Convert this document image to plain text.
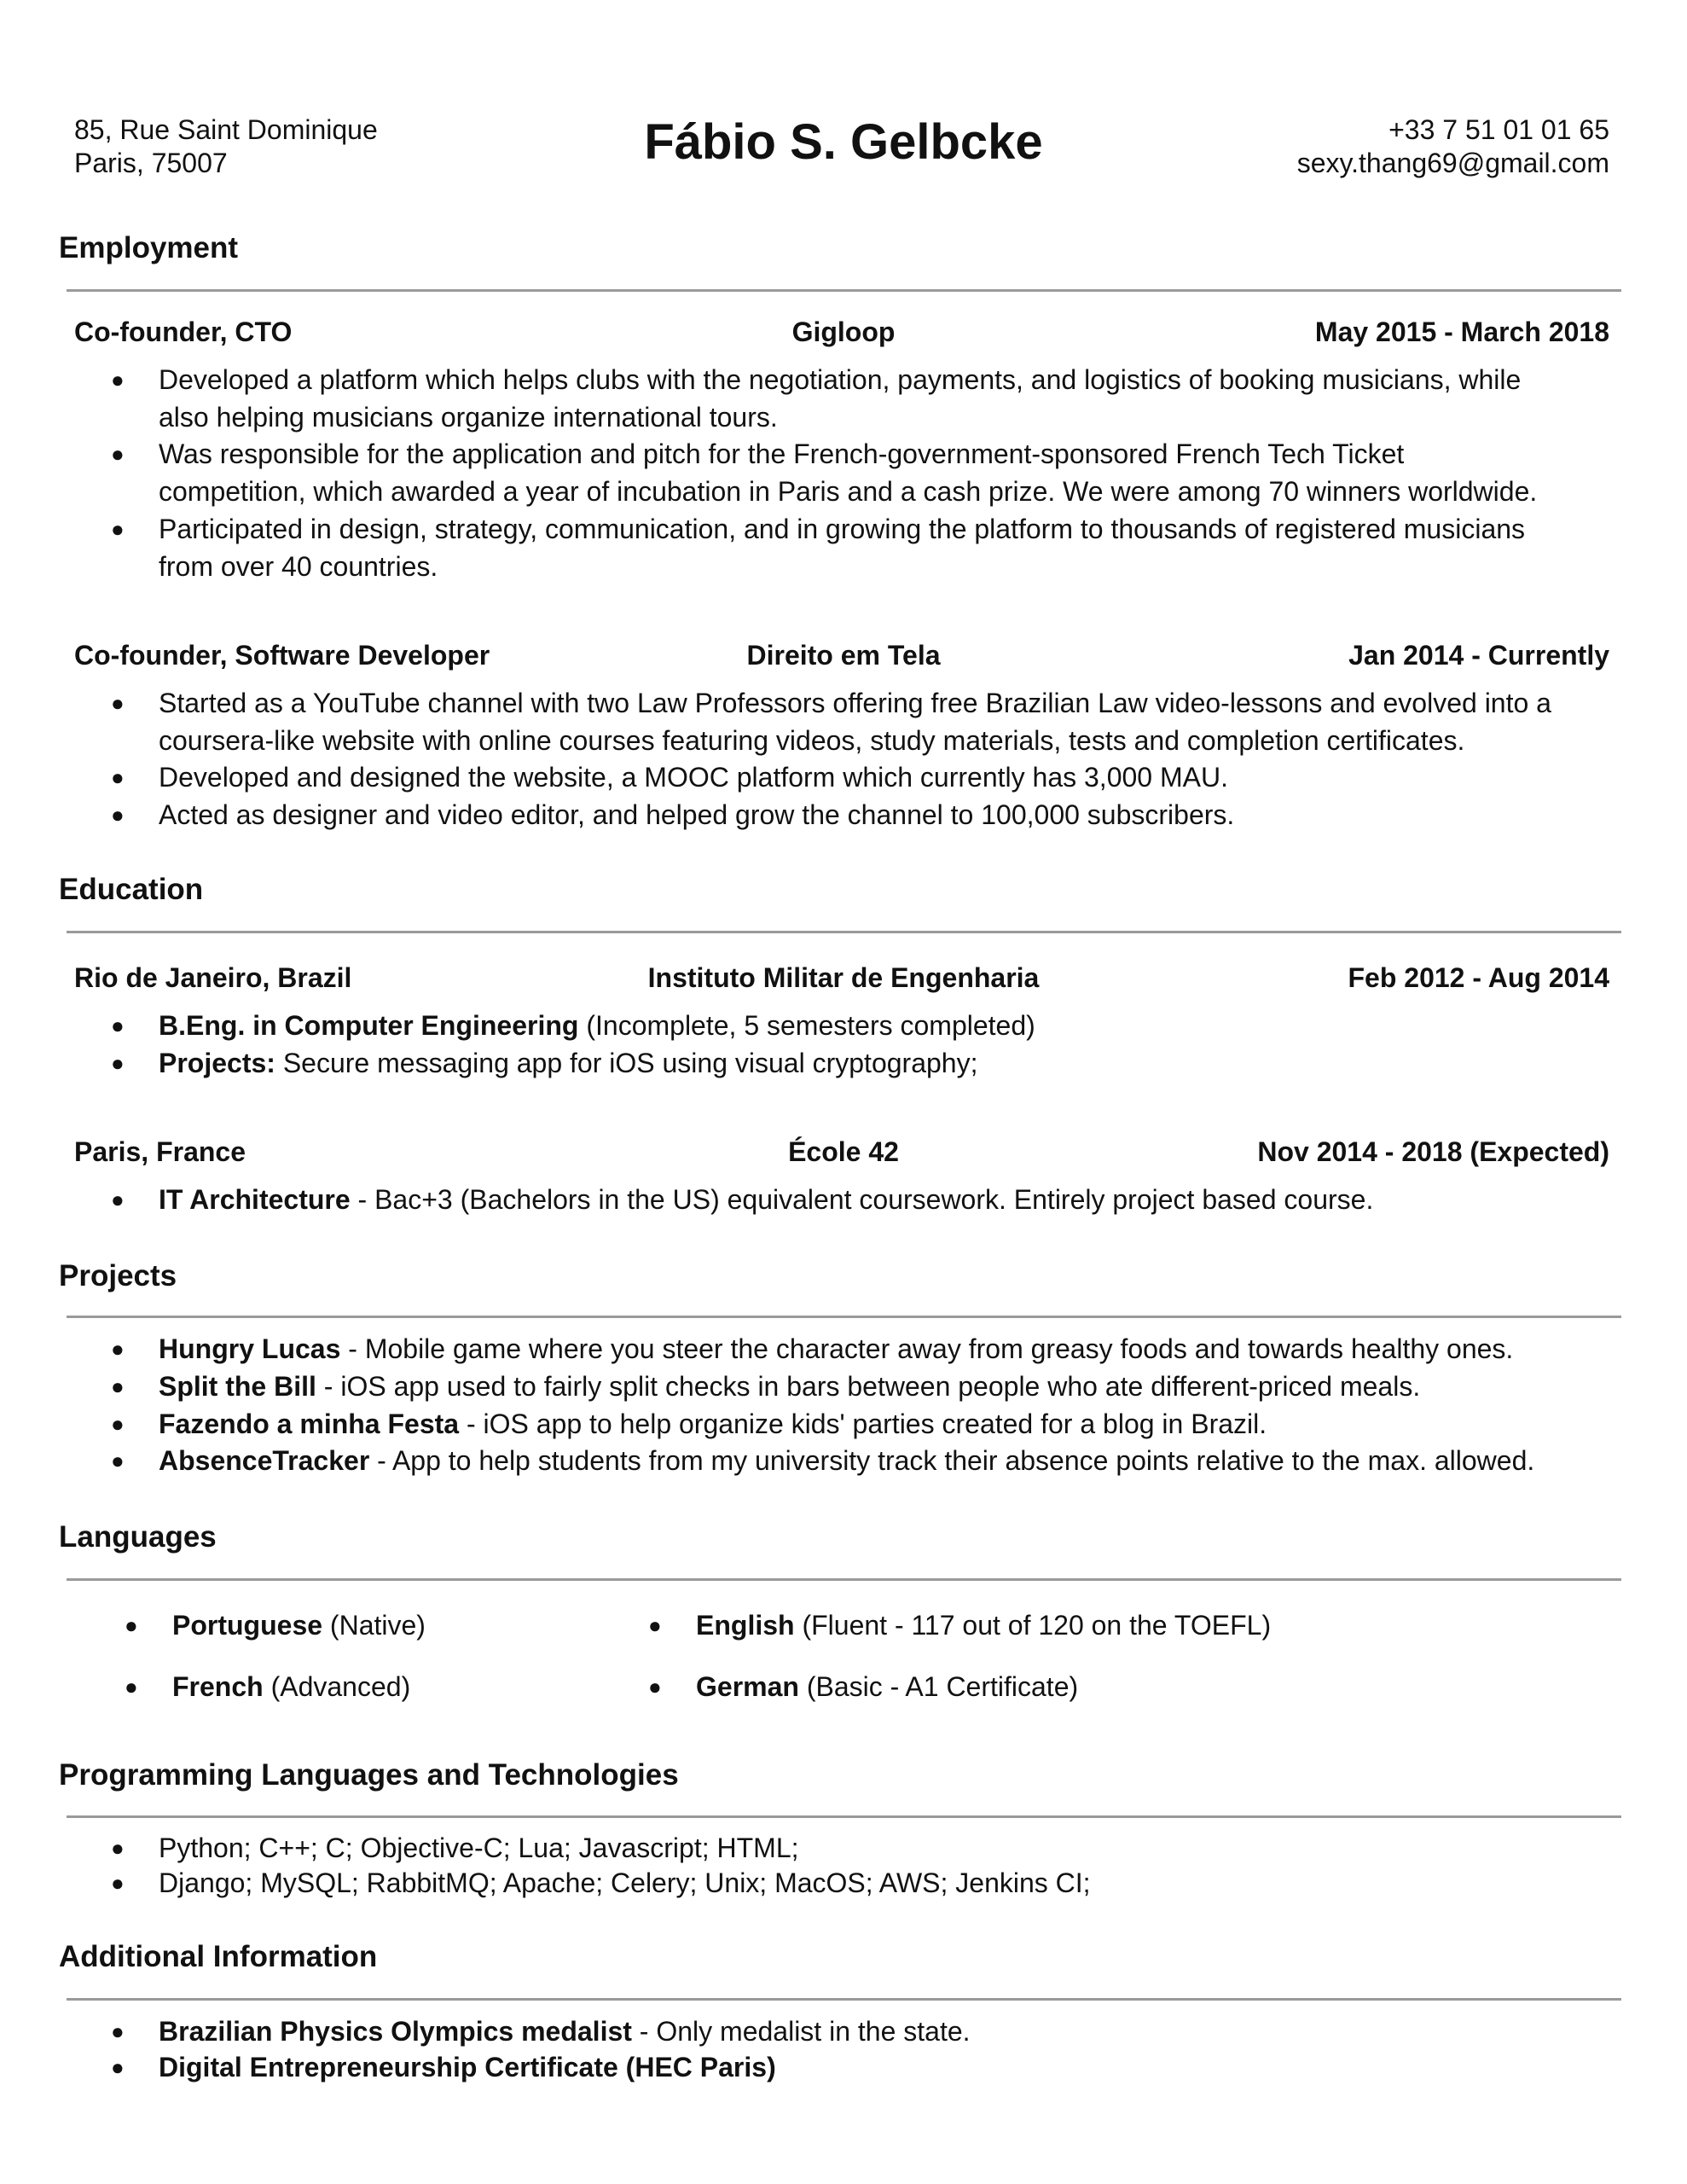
85, Rue Saint Dominique
Paris, 75007	Fábio S. Gelbcke	+33 7 51 01 01 65
sexy.thang69@gmail.com
Employment
Co-founder, CTO	Gigloop	May 2015 - March 2018
● Developed a platform which helps clubs with the negotiation, payments, and logistics of booking musicians, while
also helping musicians organize international tours.
● Was responsible for the application and pitch for the French-government-sponsored French Tech Ticket
competition, which awarded a year of incubation in Paris and a cash prize. We were among 70 winners worldwide.
● Participated in design, strategy, communication, and in growing the platform to thousands of registered musicians
from over 40 countries.
Co-founder, Software Developer	Direito em Tela	Jan 2014 - Currently
● Started as a YouTube channel with two Law Professors offering free Brazilian Law video-lessons and evolved into a
coursera-like website with online courses featuring videos, study materials, tests and completion certificates.
● Developed and designed the website, a MOOC platform which currently has 3,000 MAU.
● Acted as designer and video editor, and helped grow the channel to 100,000 subscribers.
Education
Rio de Janeiro, Brazil	Instituto Militar de Engenharia	Feb 2012 - Aug 2014
● B.Eng. in Computer Engineering (Incomplete, 5 semesters completed)
● Projects: Secure messaging app for iOS using visual cryptography;
Paris, France	École 42	Nov 2014 - 2018 (Expected)
● IT Architecture - Bac+3 (Bachelors in the US) equivalent coursework. Entirely project based course.
Projects
● Hungry Lucas - Mobile game where you steer the character away from greasy foods and towards healthy ones.
● Split the Bill - iOS app used to fairly split checks in bars between people who ate different-priced meals.
● Fazendo a minha Festa - iOS app to help organize kids' parties created for a blog in Brazil.
● AbsenceTracker - App to help students from my university track their absence points relative to the max. allowed.
Languages
● Portuguese (Native)	● English (Fluent - 117 out of 120 on the TOEFL)
● French (Advanced)	● German (Basic - A1 Certificate)
Programming Languages and Technologies
● Python; C++; C; Objective-C; Lua; Javascript; HTML;
● Django; MySQL; RabbitMQ; Apache; Celery; Unix; MacOS; AWS; Jenkins CI;
Additional Information
● Brazilian Physics Olympics medalist - Only medalist in the state.
● Digital Entrepreneurship Certificate (HEC Paris)
